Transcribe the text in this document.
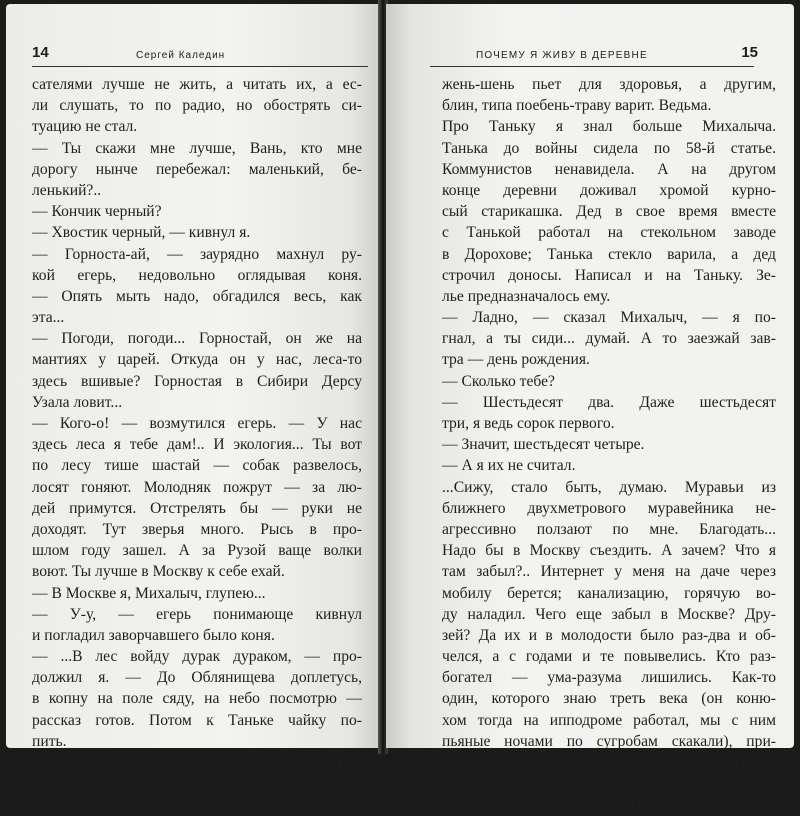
14	Сергей Каледин
сателями лучше не жить, а читать их, а ес-
ли слушать, то по радио, но обострять си-
туацию не стал.
— Ты скажи мне лучше, Вань, кто мне
дорогу нынче перебежал: маленький, бе-
ленький?..
— Кончик черный?
— Хвостик черный, — кивнул я.
— Горноста-ай, — заурядно махнул ру-
кой егерь, недовольно оглядывая коня.
— Опять мыть надо, обгадился весь, как
эта...
— Погоди, погоди... Горностай, он же на
мантиях у царей. Откуда он у нас, леса-то
здесь вшивые? Горностая в Сибири Дерсу
Узала ловит...
— Кого-о! — возмутился егерь. — У нас
здесь леса я тебе дам!.. И экология... Ты вот
по лесу тише шастай — собак развелось,
лосят гоняют. Молодняк пожрут — за лю-
дей примутся. Отстрелять бы — руки не
доходят. Тут зверья много. Рысь в про-
шлом году зашел. А за Рузой ваще волки
воют. Ты лучше в Москву к себе ехай.
— В Москве я, Михалыч, глупею...
— У-у, — егерь понимающе кивнул
и погладил заворчавшего было коня.
— ...В лес войду дурак дураком, — про-
должил я. — До Облянищева доплетусь,
в копну на поле сяду, на небо посмотрю —
рассказ готов. Потом к Таньке чайку по-
пить.
— Жива еще? Ты гляди аккуратней
с ней, — перебил меня егерь, раздражен-
ный таким легким заработком. — Сама
ПОЧЕМУ Я ЖИВУ В ДЕРЕВНЕ	15
жень-шень пьет для здоровья, а другим,
блин, типа поебень-траву варит. Ведьма.
Про Таньку я знал больше Михалыча.
Танька до войны сидела по 58-й статье.
Коммунистов ненавидела. А на другом
конце деревни доживал хромой курно-
сый старикашка. Дед в свое время вместе
с Танькой работал на стекольном заводе
в Дорохове; Танька стекло варила, а дед
строчил доносы. Написал и на Таньку. Зе-
лье предназначалось ему.
— Ладно, — сказал Михалыч, — я по-
гнал, а ты сиди... думай. А то заезжай зав-
тра — день рождения.
— Сколько тебе?
— Шестьдесят два. Даже шестьдесят
три, я ведь сорок первого.
— Значит, шестьдесят четыре.
— А я их не считал.
...Сижу, стало быть, думаю. Муравьи из
ближнего двухметрового муравейника не-
агрессивно ползают по мне. Благодать...
Надо бы в Москву съездить. А зачем? Что я
там забыл?.. Интернет у меня на даче через
мобилу берется; канализацию, горячую во-
ду наладил. Чего еще забыл в Москве? Дру-
зей? Да их и в молодости было раз-два и об-
челся, а с годами и те повывелись. Кто раз-
богател — ума-разума лишились. Как-то
один, которого знаю треть века (он коню-
хом тогда на ипподроме работал, мы с ним
пьяные ночами по сугробам скакали), при-
гласил на дачу. Оказалось — трехэтажный
особняк с колоннадой, с лифтом, стокило-
граммовым сенбернаром. Вроде все ово вку-
